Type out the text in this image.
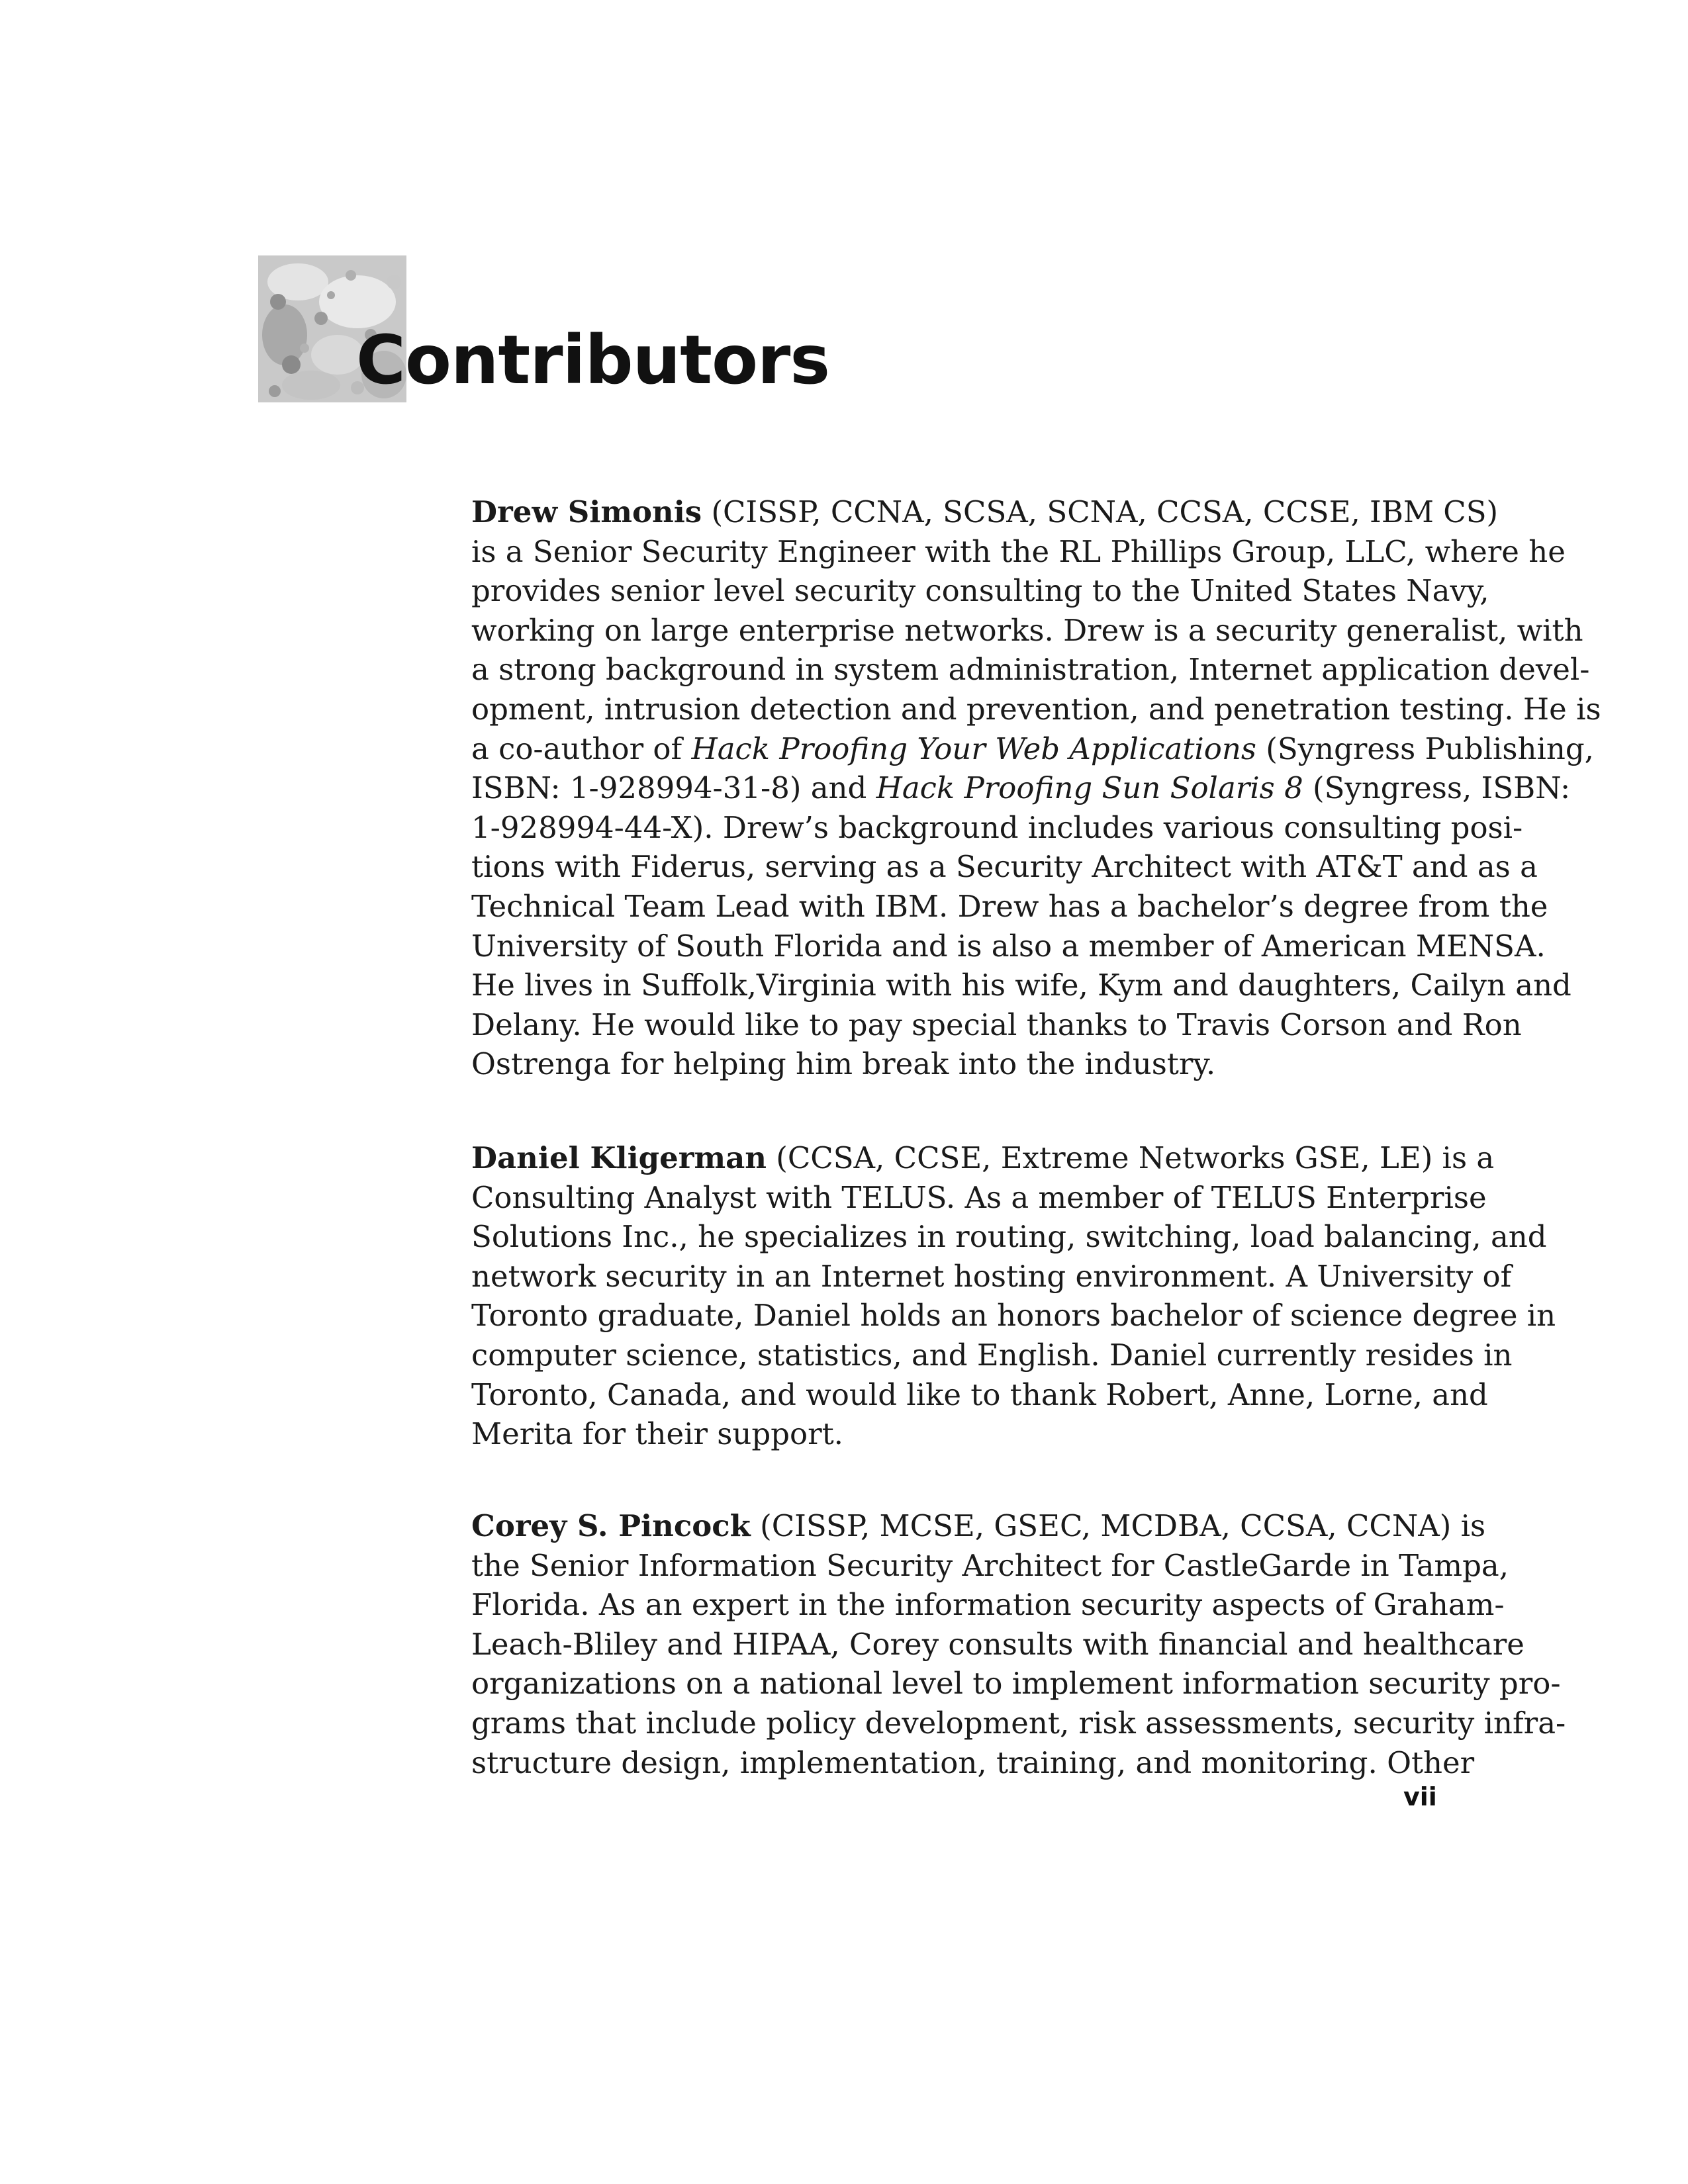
Contributors
Drew Simonis (CISSP, CCNA, SCSA, SCNA, CCSA, CCSE, IBM CS)
is a Senior Security Engineer with the RL Phillips Group, LLC, where he
provides senior level security consulting to the United States Navy,
working on large enterprise networks. Drew is a security generalist, with
a strong background in system administration, Internet application devel-
opment, intrusion detection and prevention, and penetration testing. He is
a co-author of Hack Proofing Your Web Applications (Syngress Publishing,
ISBN: 1-928994-31-8) and Hack Proofing Sun Solaris 8 (Syngress, ISBN:
1-928994-44-X). Drew’s background includes various consulting posi-
tions with Fiderus, serving as a Security Architect with AT&T and as a
Technical Team Lead with IBM. Drew has a bachelor’s degree from the
University of South Florida and is also a member of American MENSA.
He lives in Suffolk,Virginia with his wife, Kym and daughters, Cailyn and
Delany. He would like to pay special thanks to Travis Corson and Ron
Ostrenga for helping him break into the industry.
Daniel Kligerman (CCSA, CCSE, Extreme Networks GSE, LE) is a
Consulting Analyst with TELUS. As a member of TELUS Enterprise
Solutions Inc., he specializes in routing, switching, load balancing, and
network security in an Internet hosting environment. A University of
Toronto graduate, Daniel holds an honors bachelor of science degree in
computer science, statistics, and English. Daniel currently resides in
Toronto, Canada, and would like to thank Robert, Anne, Lorne, and
Merita for their support.
Corey S. Pincock (CISSP, MCSE, GSEC, MCDBA, CCSA, CCNA) is
the Senior Information Security Architect for CastleGarde in Tampa,
Florida. As an expert in the information security aspects of Graham-
Leach-Bliley and HIPAA, Corey consults with financial and healthcare
organizations on a national level to implement information security pro-
grams that include policy development, risk assessments, security infra-
structure design, implementation, training, and monitoring. Other
vii
